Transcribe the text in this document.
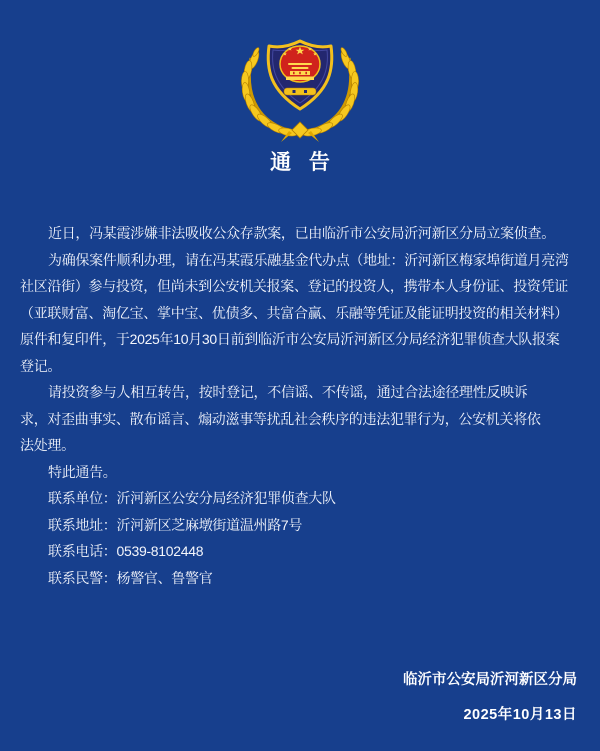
通 告
近日，冯某霞涉嫌非法吸收公众存款案，已由临沂市公安局沂河新区分局立案侦查。
为确保案件顺利办理，请在冯某霞乐融基金代办点（地址：沂河新区梅家埠街道月亮湾
社区沿街）参与投资，但尚未到公安机关报案、登记的投资人，携带本人身份证、投资凭证
（亚联财富、淘亿宝、掌中宝、优债多、共富合赢、乐融等凭证及能证明投资的相关材料）
原件和复印件，于2025年10月30日前到临沂市公安局沂河新区分局经济犯罪侦查大队报案
登记。
请投资参与人相互转告，按时登记，不信谣、不传谣，通过合法途径理性反映诉
求，对歪曲事实、散布谣言、煽动滋事等扰乱社会秩序的违法犯罪行为，公安机关将依
法处理。
特此通告。
联系单位：沂河新区公安分局经济犯罪侦查大队
联系地址：沂河新区芝麻墩街道温州路7号
联系电话：0539-8102448
联系民警：杨警官、鲁警官
临沂市公安局沂河新区分局
2025年10月13日
